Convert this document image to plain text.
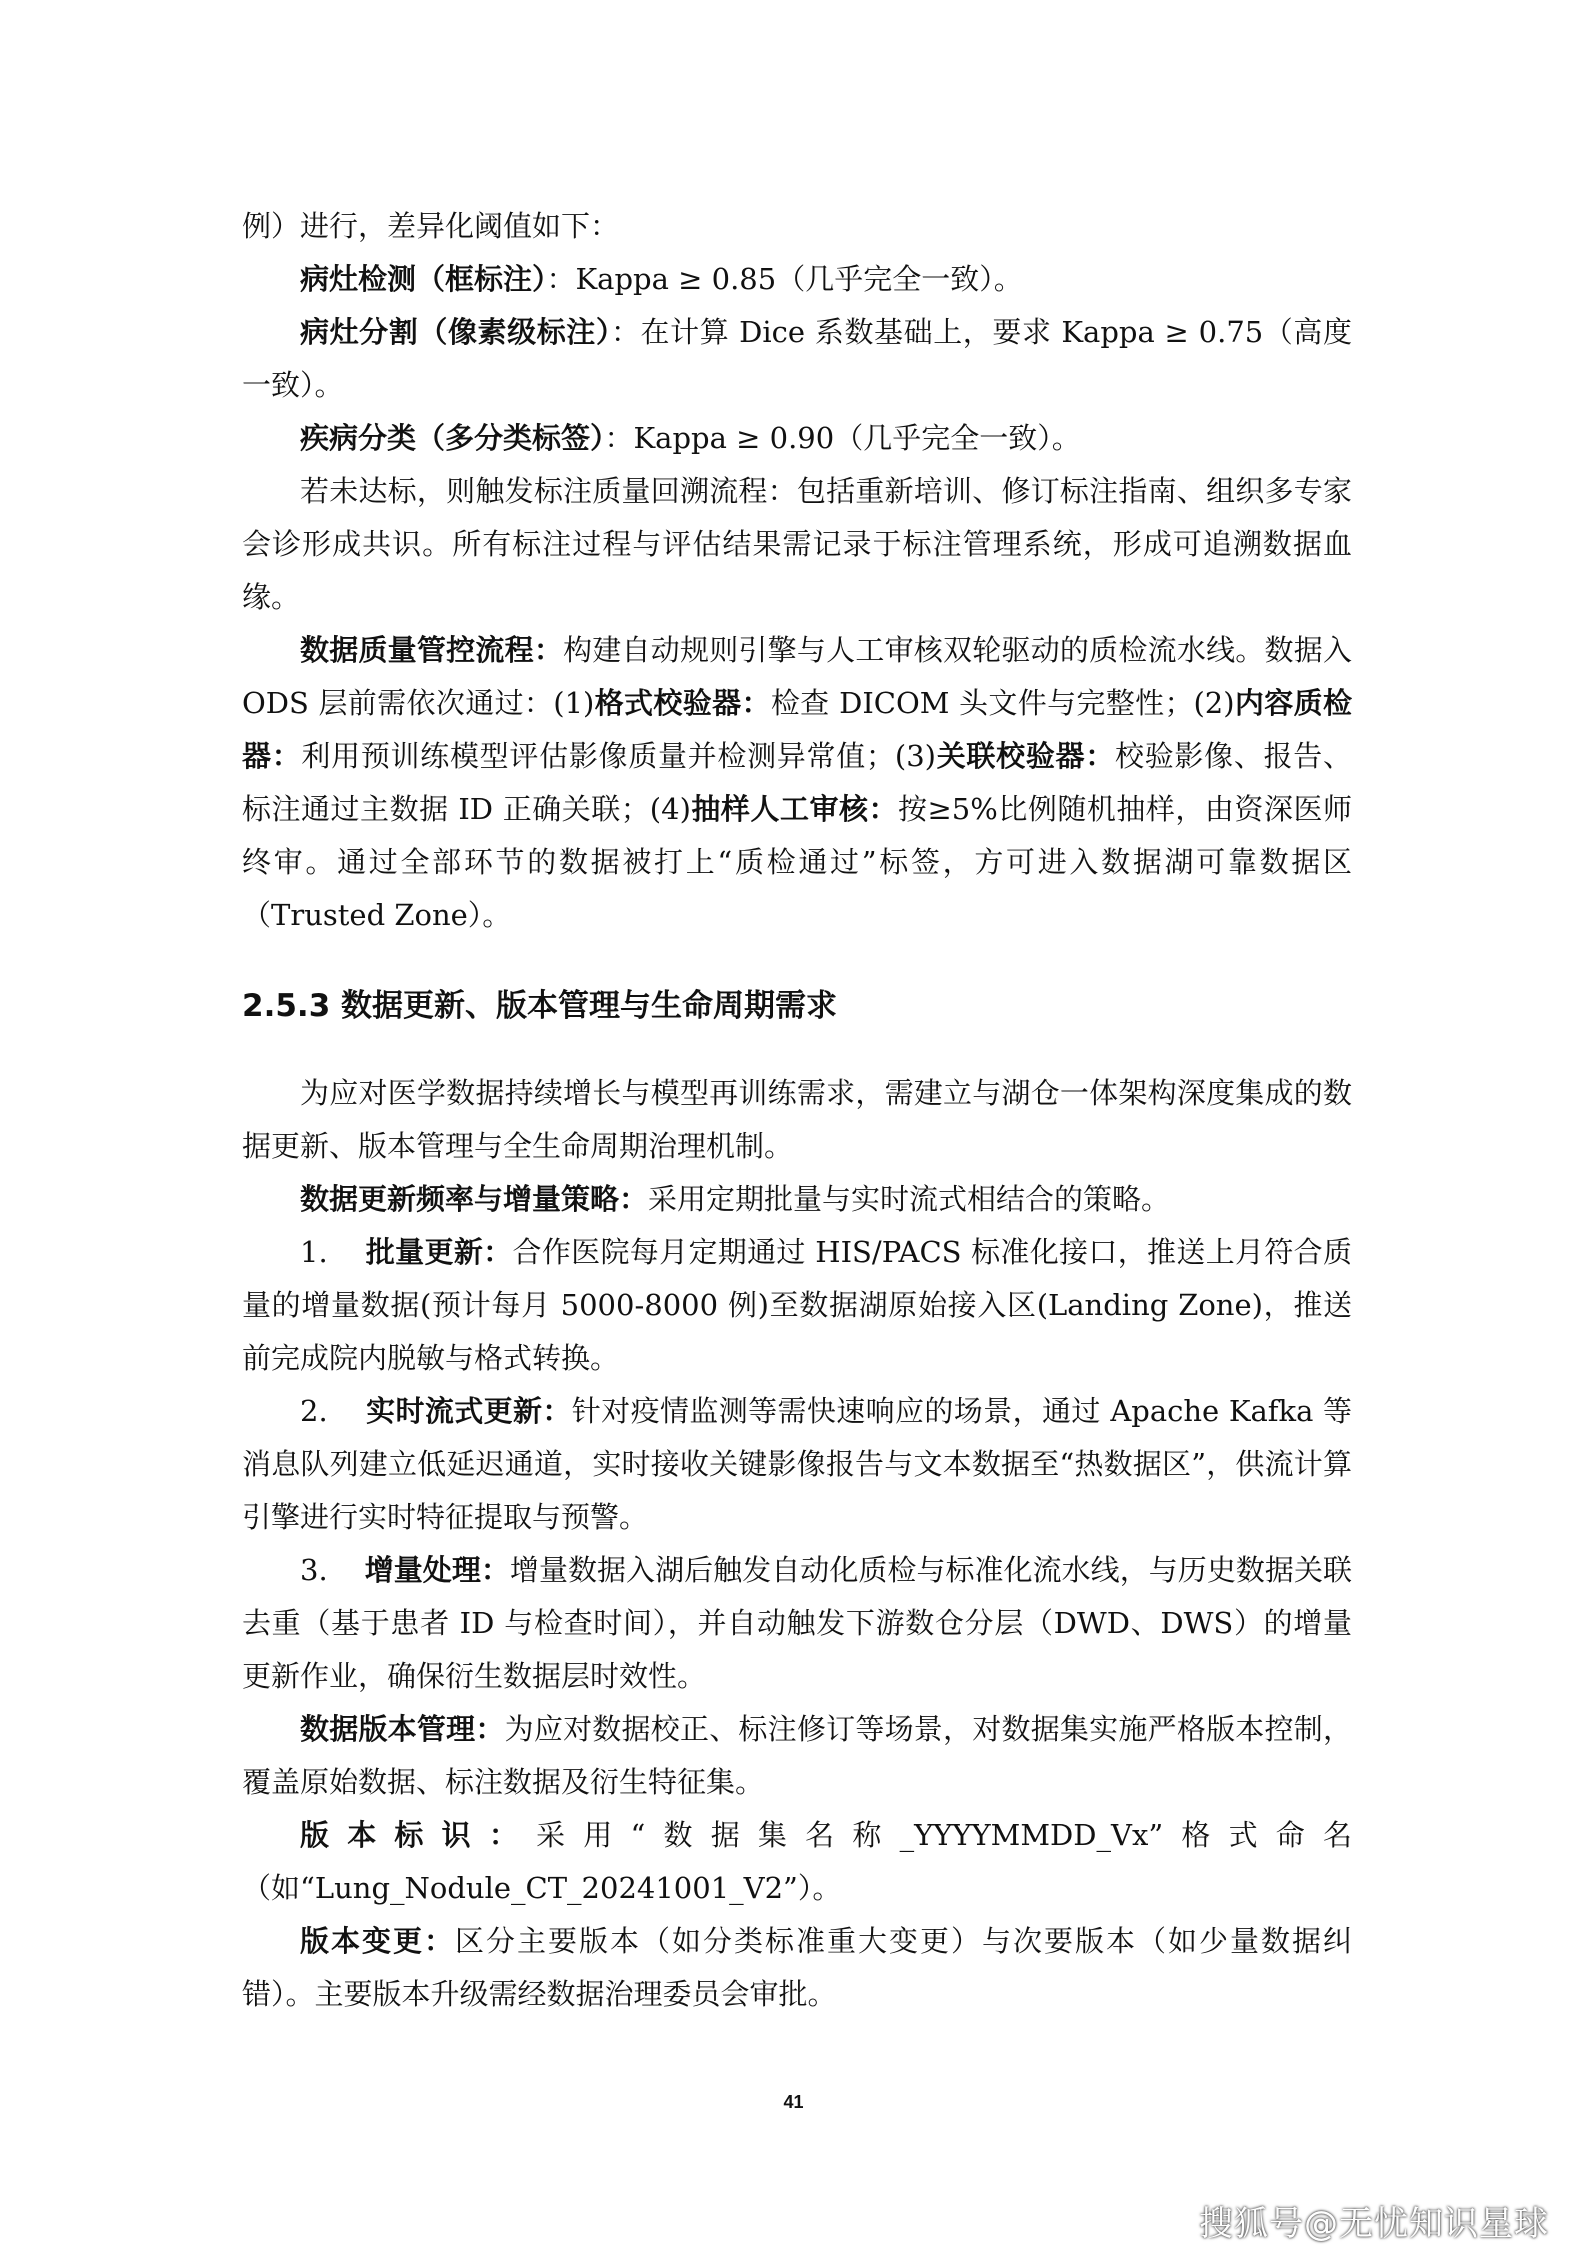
例）进行，差异化阈值如下：

病灶检测（框标注）：Kappa ≥ 0.85（几乎完全一致）。

病灶分割（像素级标注）：在计算 Dice 系数基础上，要求 Kappa ≥ 0.75（高度一致）。

疾病分类（多分类标签）：Kappa ≥ 0.90（几乎完全一致）。

若未达标，则触发标注质量回溯流程：包括重新培训、修订标注指南、组织多专家会诊形成共识。所有标注过程与评估结果需记录于标注管理系统，形成可追溯数据血缘。

数据质量管控流程：构建自动规则引擎与人工审核双轮驱动的质检流水线。数据入 ODS 层前需依次通过：(1)格式校验器：检查 DICOM 头文件与完整性；(2)内容质检器：利用预训练模型评估影像质量并检测异常值；(3)关联校验器：校验影像、报告、标注通过主数据 ID 正确关联；(4)抽样人工审核：按≥5%比例随机抽样，由资深医师终审。通过全部环节的数据被打上“质检通过”标签，方可进入数据湖可靠数据区（Trusted Zone）。

2.5.3 数据更新、版本管理与生命周期需求

为应对医学数据持续增长与模型再训练需求，需建立与湖仓一体架构深度集成的数据更新、版本管理与全生命周期治理机制。

数据更新频率与增量策略：采用定期批量与实时流式相结合的策略。

1. 批量更新：合作医院每月定期通过 HIS/PACS 标准化接口，推送上月符合质量的增量数据(预计每月 5000-8000 例)至数据湖原始接入区(Landing Zone)，推送前完成院内脱敏与格式转换。

2. 实时流式更新：针对疫情监测等需快速响应的场景，通过 Apache Kafka 等消息队列建立低延迟通道，实时接收关键影像报告与文本数据至“热数据区”，供流计算引擎进行实时特征提取与预警。

3. 增量处理：增量数据入湖后触发自动化质检与标准化流水线，与历史数据关联去重（基于患者 ID 与检查时间），并自动触发下游数仓分层（DWD、DWS）的增量更新作业，确保衍生数据层时效性。

数据版本管理：为应对数据校正、标注修订等场景，对数据集实施严格版本控制，覆盖原始数据、标注数据及衍生特征集。

版本标识：采用“数据集名称_YYYYMMDD_Vx”格式命名（如“Lung_Nodule_CT_20241001_V2”）。

版本变更：区分主要版本（如分类标准重大变更）与次要版本（如少量数据纠错）。主要版本升级需经数据治理委员会审批。

41
搜狐号@无忧知识星球
